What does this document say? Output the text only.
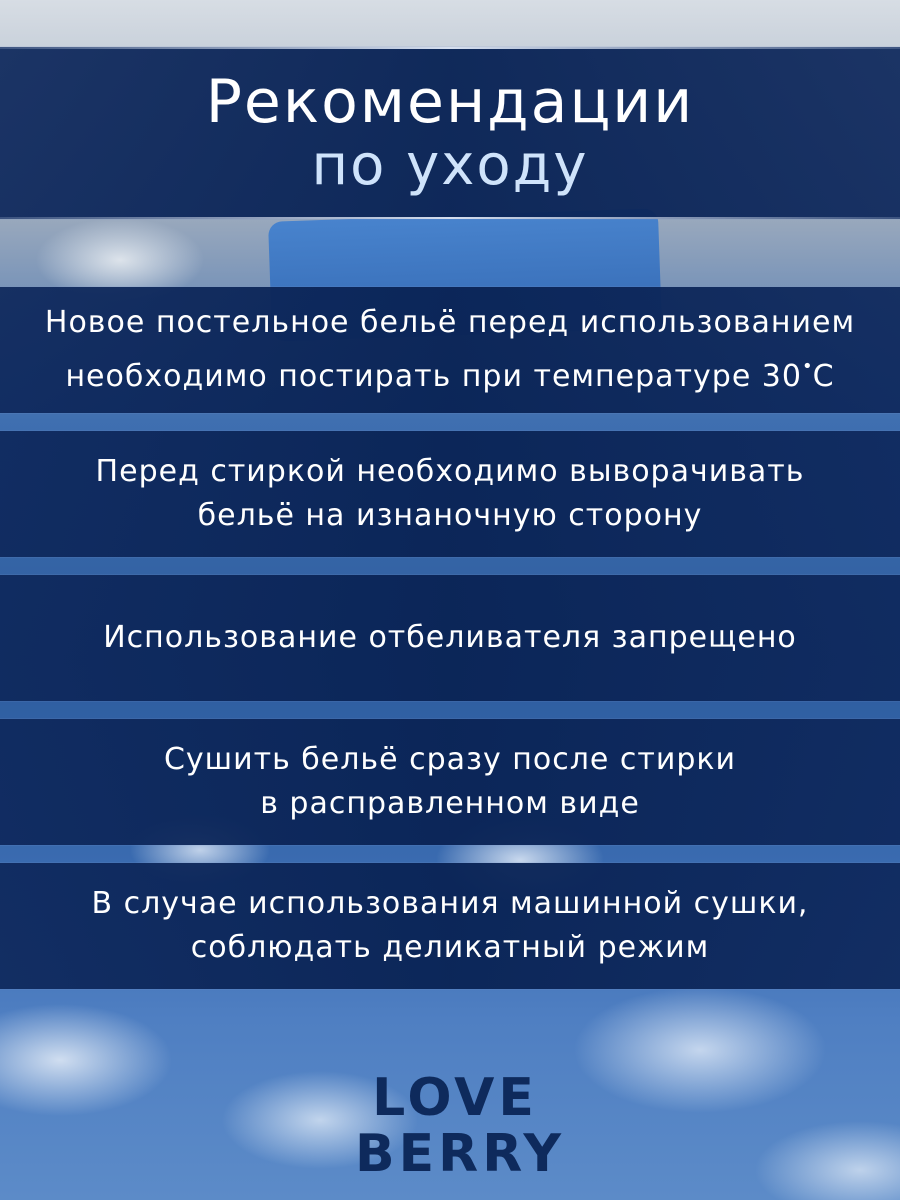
Рекомендации
по уходу
Новое постельное бельё перед использованием
необходимо постирать при температуре 30•С
Перед стиркой необходимо выворачивать
бельё на изнаночную сторону
Использование отбеливателя запрещено
Сушить бельё сразу после стирки
в расправленном виде
В случае использования машинной сушки,
соблюдать деликатный режим
LOVE
BERRY
